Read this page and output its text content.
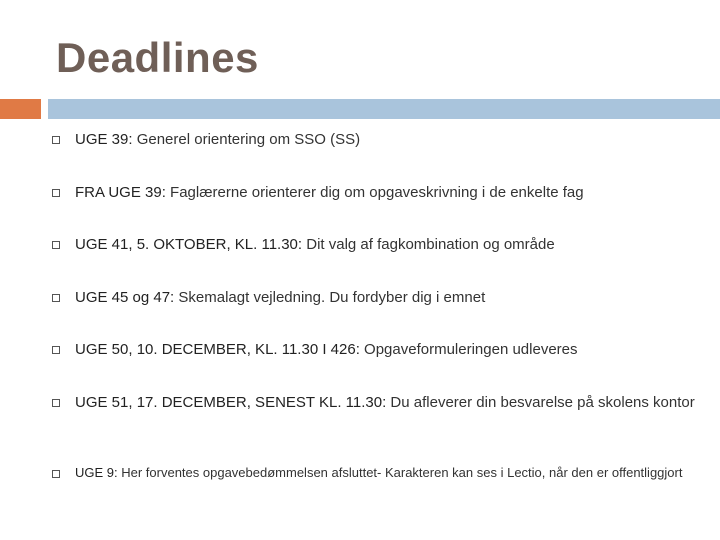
Deadlines
UGE 39: Generel orientering om SSO (SS)
FRA UGE 39: Faglærerne orienterer dig om opgaveskrivning i de enkelte fag
UGE 41, 5. OKTOBER, KL. 11.30: Dit valg af fagkombination og område
UGE 45 og 47: Skemalagt vejledning. Du fordyber dig i emnet
UGE 50, 10. DECEMBER, KL. 11.30 I 426: Opgaveformuleringen udleveres
UGE 51, 17. DECEMBER, SENEST KL. 11.30: Du afleverer din besvarelse på skolens kontor
UGE 9: Her forventes opgavebedømmelsen afsluttet- Karakteren kan ses i Lectio, når den er offentliggjort
